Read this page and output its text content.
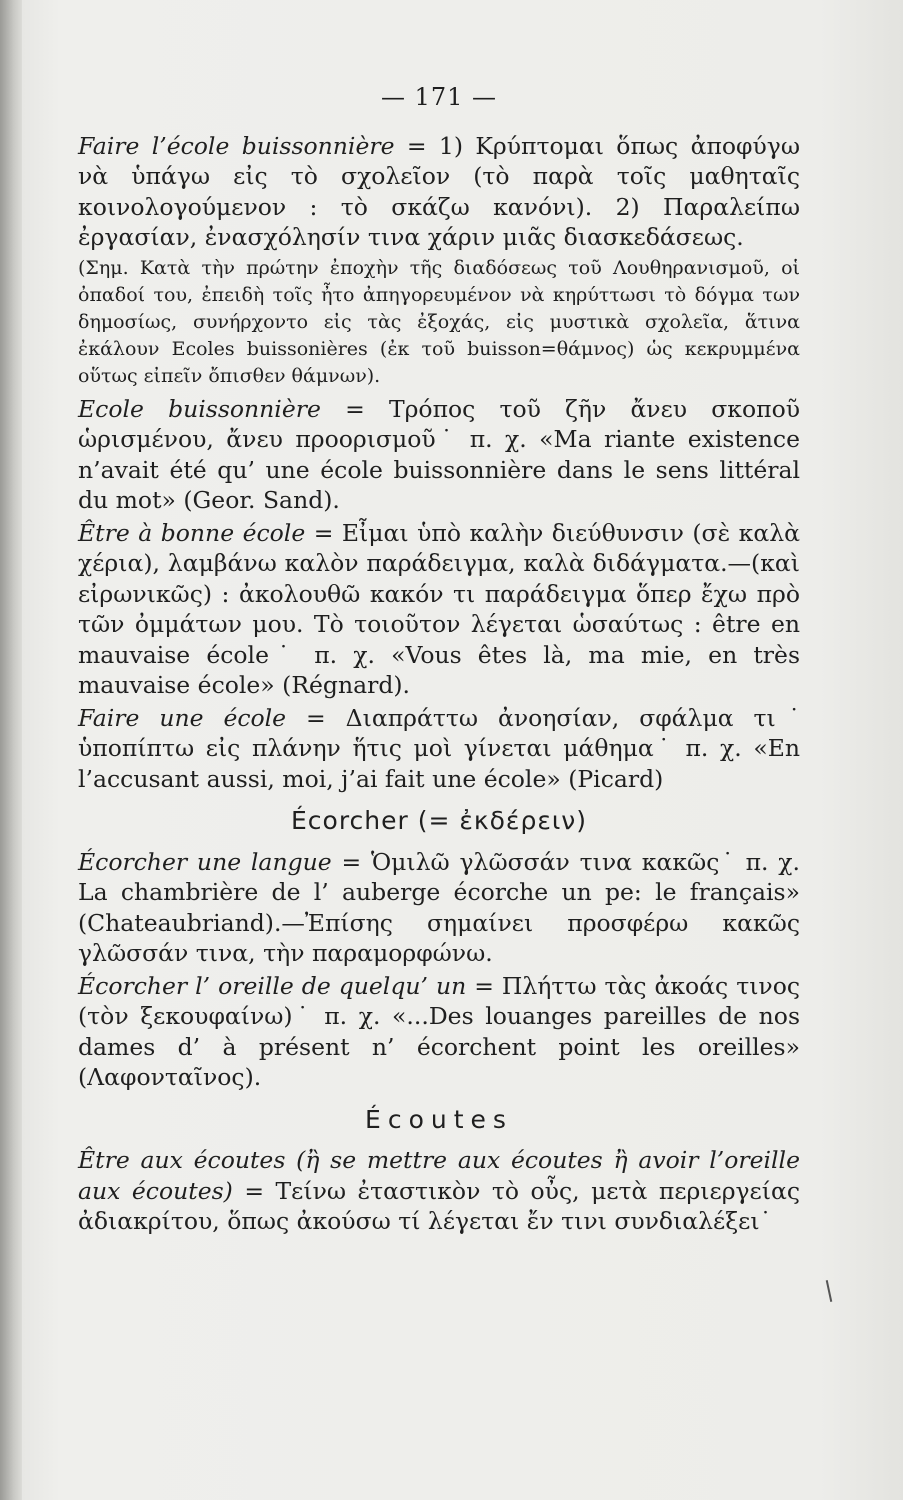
— 171 —

Faire l’école buissonnière = 1) Κρύπτομαι ὅπως ἀποφύγω νὰ ὑπάγω εἰς τὸ σχολεῖον (τὸ παρὰ τοῖς μαθηταῖς κοινολογούμενον : τὸ σκάζω κανόνι). 2) Παραλείπω ἐργασίαν, ἐνασχόλησίν τινα χάριν μιᾶς διασκεδάσεως.

(Σημ. Κατὰ τὴν πρώτην ἐποχὴν τῆς διαδόσεως τοῦ Λουθηρανισμοῦ, οἱ ὀπαδοί του, ἐπειδὴ τοῖς ἦτο ἀπηγορευμένον νὰ κηρύττωσι τὸ δόγμα των δημοσίως, συνήρχοντο εἰς τὰς ἐξοχάς, εἰς μυστικὰ σχολεῖα, ἅτινα ἐκάλουν Ecoles buissonières (ἐκ τοῦ buisson=θάμνος) ὡς κεκρυμμένα οὕτως εἰπεῖν ὄπισθεν θάμνων).

Ecole buissonnière = Τρόπος τοῦ ζῆν ἄνευ σκοποῦ ὡρισμένου, ἄνευ προορισμοῦ˙ π. χ. «Ma riante existence n’avait été qu’ une école buissonnière dans le sens littéral du mot» (Geor. Sand).

Être à bonne école = Εἶμαι ὑπὸ καλὴν διεύθυνσιν (σὲ καλὰ χέρια), λαμβάνω καλὸν παράδειγμα, καλὰ διδάγματα.—(καὶ εἰρωνικῶς) : ἀκολουθῶ κακόν τι παράδειγμα ὅπερ ἔχω πρὸ τῶν ὀμμάτων μου. Τὸ τοιοῦτον λέγεται ὡσαύτως : être en mauvaise école˙ π. χ. «Vous êtes là, ma mie, en très mauvaise école» (Régnard).

Faire une école = Διαπράττω ἀνοησίαν, σφάλμα τι˙ ὑποπίπτω εἰς πλάνην ἥτις μοὶ γίνεται μάθημα˙ π. χ. «En l’accusant aussi, moi, j’ai fait une école» (Picard)

Écorcher (= ἐκδέρειν)

Écorcher une langue = Ὁμιλῶ γλῶσσάν τινα κακῶς˙ π. χ. La chambrière de l’ auberge écorche un pe: le français» (Chateaubriand).—Ἐπίσης σημαίνει προσφέρω κακῶς γλῶσσάν τινα, τὴν παραμορφώνω.

Écorcher l’ oreille de quelqu’ un = Πλήττω τὰς ἀκοάς τινος (τὸν ξεκουφαίνω)˙ π. χ. «...Des louanges pareilles de nos dames d’ à présent n’ écorchent point les oreilles» (Λαφονταῖνος).

Écoutes

Être aux écoutes (ἢ se mettre aux écoutes ἢ avoir l’oreille aux écoutes) = Τείνω ἐταστικὸν τὸ οὖς, μετὰ περιεργείας ἀδιακρίτου, ὅπως ἀκούσω τί λέγεται ἔν τινι συνδιαλέξει˙
